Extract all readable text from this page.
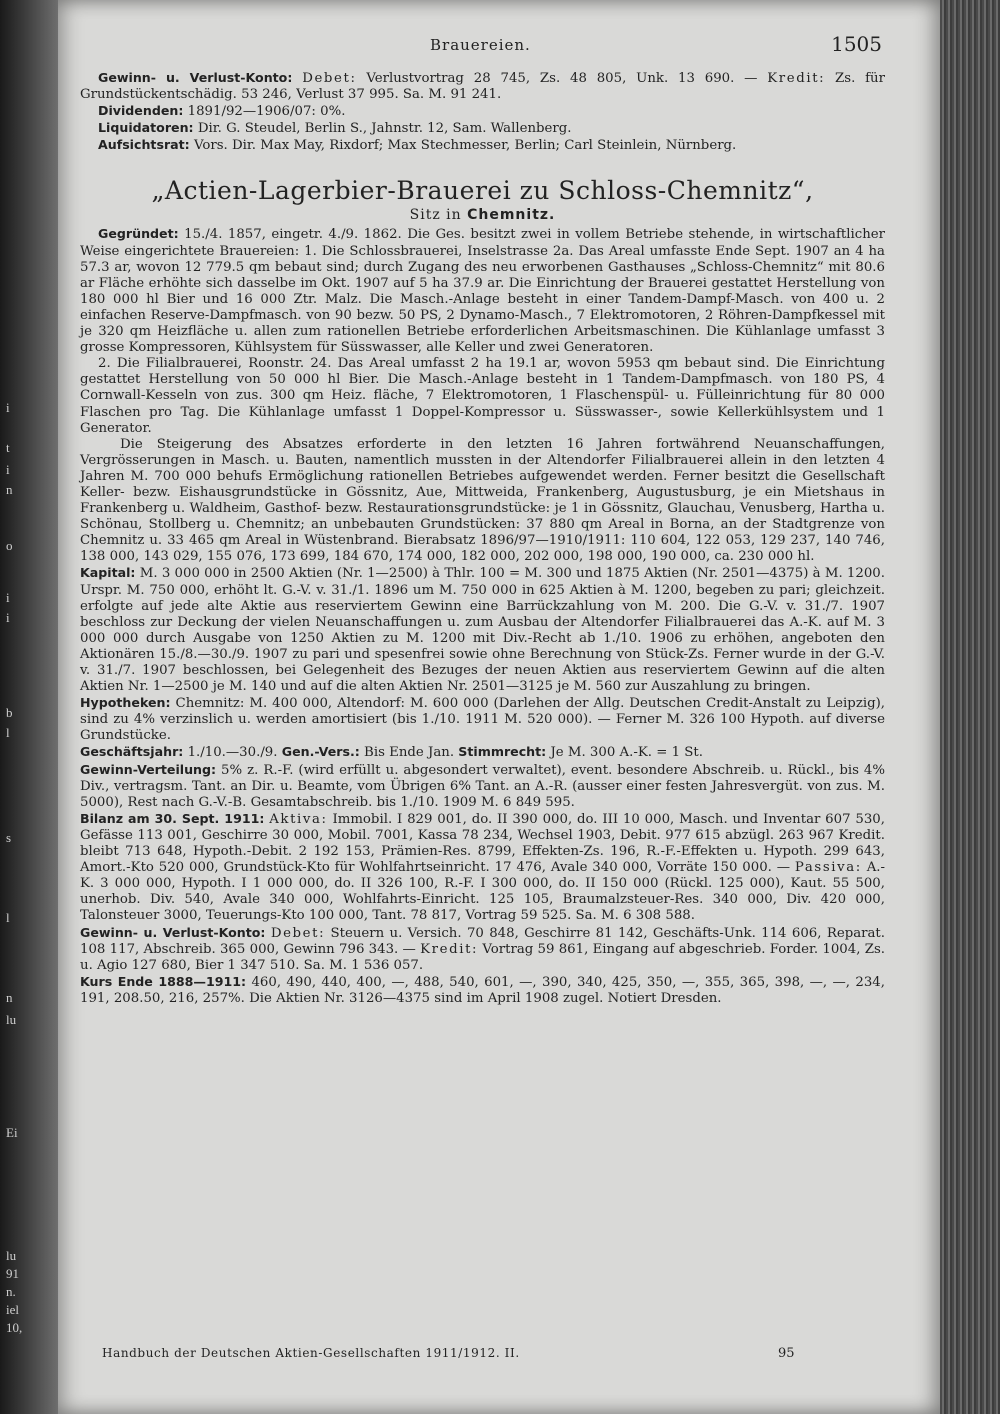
i
t
i
n
o
i
i
b
l
s
l
n
lu
Ei
lu
91
n.
iel
10,
Brauereien.	1505

Gewinn- u. Verlust-Konto: Debet: Verlustvortrag 28 745, Zs. 48 805, Unk. 13 690. — Kredit: Zs. für Grundstückentschädig. 53 246, Verlust 37 995. Sa. M. 91 241.

Dividenden: 1891/92—1906/07: 0%.

Liquidatoren: Dir. G. Steudel, Berlin S., Jahnstr. 12, Sam. Wallenberg.

Aufsichtsrat: Vors. Dir. Max May, Rixdorf; Max Stechmesser, Berlin; Carl Steinlein, Nürnberg.

„Actien-Lagerbier-Brauerei zu Schloss-Chemnitz“,
Sitz in Chemnitz.

Gegründet: 15./4. 1857, eingetr. 4./9. 1862. Die Ges. besitzt zwei in vollem Betriebe stehende, in wirtschaftlicher Weise eingerichtete Brauereien: 1. Die Schlossbrauerei, Inselstrasse 2a. Das Areal umfasste Ende Sept. 1907 an 4 ha 57.3 ar, wovon 12 779.5 qm bebaut sind; durch Zugang des neu erworbenen Gasthauses „Schloss-Chemnitz“ mit 80.6 ar Fläche erhöhte sich dasselbe im Okt. 1907 auf 5 ha 37.9 ar. Die Einrichtung der Brauerei gestattet Herstellung von 180 000 hl Bier und 16 000 Ztr. Malz. Die Masch.-Anlage besteht in einer Tandem-Dampf-Masch. von 400 u. 2 einfachen Reserve-Dampfmasch. von 90 bezw. 50 PS, 2 Dynamo-Masch., 7 Elektromotoren, 2 Röhren-Dampfkessel mit je 320 qm Heizfläche u. allen zum rationellen Betriebe erforderlichen Arbeitsmaschinen. Die Kühlanlage umfasst 3 grosse Kompressoren, Kühlsystem für Süsswasser, alle Keller und zwei Generatoren.

2. Die Filialbrauerei, Roonstr. 24. Das Areal umfasst 2 ha 19.1 ar, wovon 5953 qm bebaut sind. Die Einrichtung gestattet Herstellung von 50 000 hl Bier. Die Masch.-Anlage besteht in 1 Tandem-Dampfmasch. von 180 PS, 4 Cornwall-Kesseln von zus. 300 qm Heiz. fläche, 7 Elektromotoren, 1 Flaschenspül- u. Fülleinrichtung für 80 000 Flaschen pro Tag. Die Kühlanlage umfasst 1 Doppel-Kompressor u. Süsswasser-, sowie Kellerkühlsystem und 1 Generator.

Die Steigerung des Absatzes erforderte in den letzten 16 Jahren fortwährend Neuanschaffungen, Vergrösserungen in Masch. u. Bauten, namentlich mussten in der Altendorfer Filialbrauerei allein in den letzten 4 Jahren M. 700 000 behufs Ermöglichung rationellen Betriebes aufgewendet werden. Ferner besitzt die Gesellschaft Keller- bezw. Eishausgrundstücke in Gössnitz, Aue, Mittweida, Frankenberg, Augustusburg, je ein Mietshaus in Frankenberg u. Waldheim, Gasthof- bezw. Restaurationsgrundstücke: je 1 in Gössnitz, Glauchau, Venusberg, Hartha u. Schönau, Stollberg u. Chemnitz; an unbebauten Grundstücken: 37 880 qm Areal in Borna, an der Stadtgrenze von Chemnitz u. 33 465 qm Areal in Wüstenbrand. Bierabsatz 1896/97—1910/1911: 110 604, 122 053, 129 237, 140 746, 138 000, 143 029, 155 076, 173 699, 184 670, 174 000, 182 000, 202 000, 198 000, 190 000, ca. 230 000 hl.

Kapital: M. 3 000 000 in 2500 Aktien (Nr. 1—2500) à Thlr. 100 = M. 300 und 1875 Aktien (Nr. 2501—4375) à M. 1200. Urspr. M. 750 000, erhöht lt. G.-V. v. 31./1. 1896 um M. 750 000 in 625 Aktien à M. 1200, begeben zu pari; gleichzeit. erfolgte auf jede alte Aktie aus reserviertem Gewinn eine Barrückzahlung von M. 200. Die G.-V. v. 31./7. 1907 beschloss zur Deckung der vielen Neuanschaffungen u. zum Ausbau der Altendorfer Filialbrauerei das A.-K. auf M. 3 000 000 durch Ausgabe von 1250 Aktien zu M. 1200 mit Div.-Recht ab 1./10. 1906 zu erhöhen, angeboten den Aktionären 15./8.—30./9. 1907 zu pari und spesenfrei sowie ohne Berechnung von Stück-Zs. Ferner wurde in der G.-V. v. 31./7. 1907 beschlossen, bei Gelegenheit des Bezuges der neuen Aktien aus reserviertem Gewinn auf die alten Aktien Nr. 1—2500 je M. 140 und auf die alten Aktien Nr. 2501—3125 je M. 560 zur Auszahlung zu bringen.

Hypotheken: Chemnitz: M. 400 000, Altendorf: M. 600 000 (Darlehen der Allg. Deutschen Credit-Anstalt zu Leipzig), sind zu 4% verzinslich u. werden amortisiert (bis 1./10. 1911 M. 520 000). — Ferner M. 326 100 Hypoth. auf diverse Grundstücke.

Geschäftsjahr: 1./10.—30./9. Gen.-Vers.: Bis Ende Jan. Stimmrecht: Je M. 300 A.-K. = 1 St.

Gewinn-Verteilung: 5% z. R.-F. (wird erfüllt u. abgesondert verwaltet), event. besondere Abschreib. u. Rückl., bis 4% Div., vertragsm. Tant. an Dir. u. Beamte, vom Übrigen 6% Tant. an A.-R. (ausser einer festen Jahresvergüt. von zus. M. 5000), Rest nach G.-V.-B. Gesamtabschreib. bis 1./10. 1909 M. 6 849 595.

Bilanz am 30. Sept. 1911: Aktiva: Immobil. I 829 001, do. II 390 000, do. III 10 000, Masch. und Inventar 607 530, Gefässe 113 001, Geschirre 30 000, Mobil. 7001, Kassa 78 234, Wechsel 1903, Debit. 977 615 abzügl. 263 967 Kredit. bleibt 713 648, Hypoth.-Debit. 2 192 153, Prämien-Res. 8799, Effekten-Zs. 196, R.-F.-Effekten u. Hypoth. 299 643, Amort.-Kto 520 000, Grundstück-Kto für Wohlfahrtseinricht. 17 476, Avale 340 000, Vorräte 150 000. — Passiva: A.-K. 3 000 000, Hypoth. I 1 000 000, do. II 326 100, R.-F. I 300 000, do. II 150 000 (Rückl. 125 000), Kaut. 55 500, unerhob. Div. 540, Avale 340 000, Wohlfahrts-Einricht. 125 105, Braumalzsteuer-Res. 340 000, Div. 420 000, Talonsteuer 3000, Teuerungs-Kto 100 000, Tant. 78 817, Vortrag 59 525. Sa. M. 6 308 588.

Gewinn- u. Verlust-Konto: Debet: Steuern u. Versich. 70 848, Geschirre 81 142, Geschäfts-Unk. 114 606, Reparat. 108 117, Abschreib. 365 000, Gewinn 796 343. — Kredit: Vortrag 59 861, Eingang auf abgeschrieb. Forder. 1004, Zs. u. Agio 127 680, Bier 1 347 510. Sa. M. 1 536 057.

Kurs Ende 1888—1911: 460, 490, 440, 400, —, 488, 540, 601, —, 390, 340, 425, 350, —, 355, 365, 398, —, —, 234, 191, 208.50, 216, 257%. Die Aktien Nr. 3126—4375 sind im April 1908 zugel. Notiert Dresden.

Handbuch der Deutschen Aktien-Gesellschaften 1911/1912. II.	95
